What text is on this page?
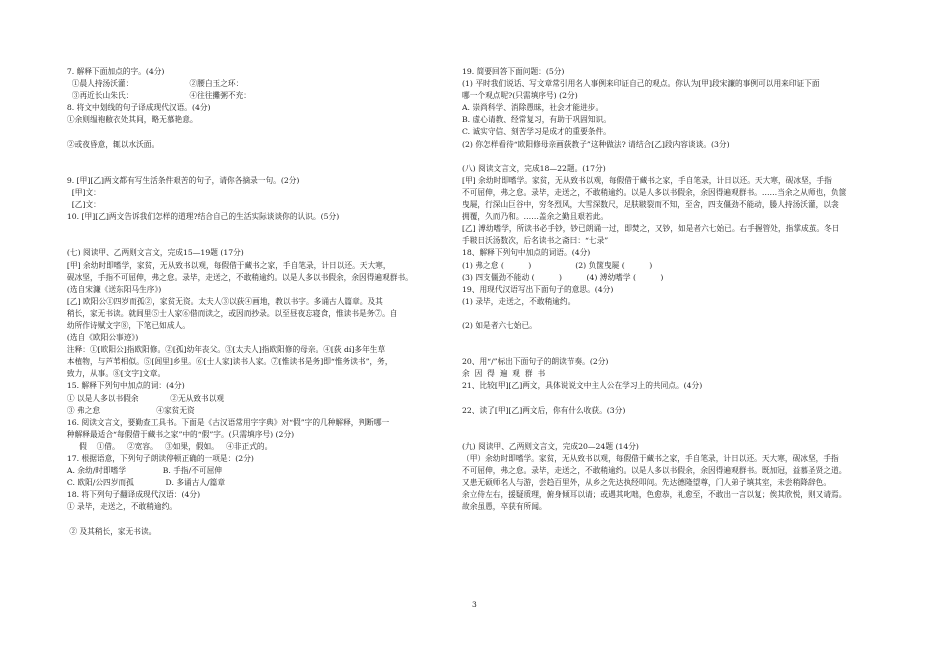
7. 解释下面加点的字。(4分)
①晨人持汤沃灌：                       ②腰白玉之环：
③再近长山朱氏：                       ④往往攤粥不充：
8. 将文中划线的句子译成现代汉语。(4分)
①余则缊袍敝衣处其间，略无慕艳意。
②或夜昏意，辄以水沃面。
9. [甲][乙]两文都有写生活条件艰苦的句子，请你各摘录一句。(2分)
[甲]文：
[乙]文：
10. [甲][乙]两文告诉我们怎样的道理?结合自己的生活实际谈谈你的认识。(5分)
(七) 阅读甲、乙两则文言文，完成15—19题 (17分)
[甲] 余幼时即嗜学，家贫，无从致书以观，每假借于藏书之家，手自笔录，计日以还。天大寒，
砚冰坚，手指不可屈伸，弗之怠。录毕，走送之，不敢稍逾约。以是人多以书假余，余因得遍观群书。
(选自宋濂《送东阳马生序》)
[乙] 欧阳公①四岁而孤②，家贫无资。太夫人③以荻④画地，教以书字。多诵古人篇章。及其
稍长，家无书读。就闾里⑤士人家⑥借而读之，或因而抄录。以至昼夜忘寝食，惟读书是务⑦。自
幼所作诗赋文字⑧，下笔已如成人。
(选自《欧阳公事迹》)
注释：①[欧阳公]指欧阳修。②[孤]幼年丧父。③[太夫人]指欧阳修的母亲。④[荻 dí]多年生草
本植物，与芦苇相似。⑤[闾里]乡里。⑥[士人家]读书人家。⑦[惟读书是务]即“惟务读书”，务，
致力，从事。⑧[文字]文章。
15. 解释下列句中加点的词：(4分)
① 以是人多以书假余             ②无从致书以观
③ 弗之怠                       ④家贫无资
16. 阅读文言文，要勤查工具书。下面是《古汉语常用字字典》对“假”字的几种解释，判断哪一
种解释最适合“每假借于藏书之家”中的“假”字。(只需填序号) (2分)
假    ①借。   ②宽容。   ③如果，假如。   ④非正式的。
17. 根据语意，下列句子朗读停顿正确的一项是：(2分)
A. 余幼/时即嗜学               B. 手指/不可屈伸
C. 欧阳/公四岁而孤             D. 多诵古人/篇章
18. 将下列句子翻译成现代汉语：(4分)
① 录毕，走送之，不敢稍逾约。
② 及其稍长，家无书读。
19. 简要回答下面问题：(5分)
(1) 平时我们说话、写文章常引用名人事例来印证自己的观点。你认为[甲]段宋濂的事例可以用来印证下面
哪一个观点呢?(只需填序号) (2分)
A. 崇尚科学、消除愚昧，社会才能进步。
B. 虚心请教、经常复习，有助于巩固知识。
C. 诚实守信、刻苦学习是成才的重要条件。
(2) 你怎样看待“欧阳修母亲画荻教子”这种做法? 请结合[乙]段内容谈谈。(3分)
(八) 阅读文言文，完成18—22题。(17分)
[甲] 余幼时即嗜学。家贫，无从致书以观，每假借于藏书之家，手自笔录，计日以还。天大寒，砚冰坚，手指
不可屈伸，弗之怠。录毕，走送之，不敢稍逾约。以是人多以书假余，余因得遍观群书。……当余之从师也，负箧
曳屣，行深山巨谷中，穷冬烈风，大雪深数尺，足肤皲裂而不知，至舍，四支僵劲不能动，媵人持汤沃灌，以衾
拥覆，久而乃和。……盖余之勤且艰若此。
[乙] 溥幼嗜学，所读书必手钞，钞已朗诵一过，即焚之，又钞，如是者六七始已。右手握管处，指掌成茧。冬日
手皲日沃汤数次，后名读书之斋曰：“七录”
18、解释下列句中加点的词语。(4分)
(1) 弗之怠 (          )                  (2) 负箧曳屣 (          )
(3) 四支僵劲不能动 (          )          (4) 溥幼嗜学 (          )
19、用现代汉语写出下面句子的意思。(4分)
(1) 录毕，走送之，不敢稍逾约。
(2) 如是者六七始已。
20、用“/”标出下面句子的朗读节奏。(2分)
余  因  得  遍  观  群  书
21、比较[甲][乙]两文，具体说说文中主人公在学习上的共同点。(4分)
22、读了[甲][乙]两文后，你有什么收获。(3分)
(九) 阅读甲、乙两则文言文，完成20—24题 (14分)
（甲）余幼时即嗜学。家贫，无从致书以观，每假借于藏书之家，手自笔录，计日以还。天大寒，砚冰坚，手指
不可屈伸，弗之怠。录毕，走送之，不敢稍逾约。以是人多以书假余，余因得遍观群书。既加冠，益慕圣贤之道。
又患无硕师名人与游，尝趋百里外，从乡之先达执经叩问。先达德隆望尊，门人弟子填其室，未尝稍降辞色。
余立侍左右，援疑质理，俯身倾耳以请；或遇其叱咄，色愈恭，礼愈至，不敢出一言以复；俟其欣悦，则又请焉。
故余虽愚，卒获有所闻。
3
